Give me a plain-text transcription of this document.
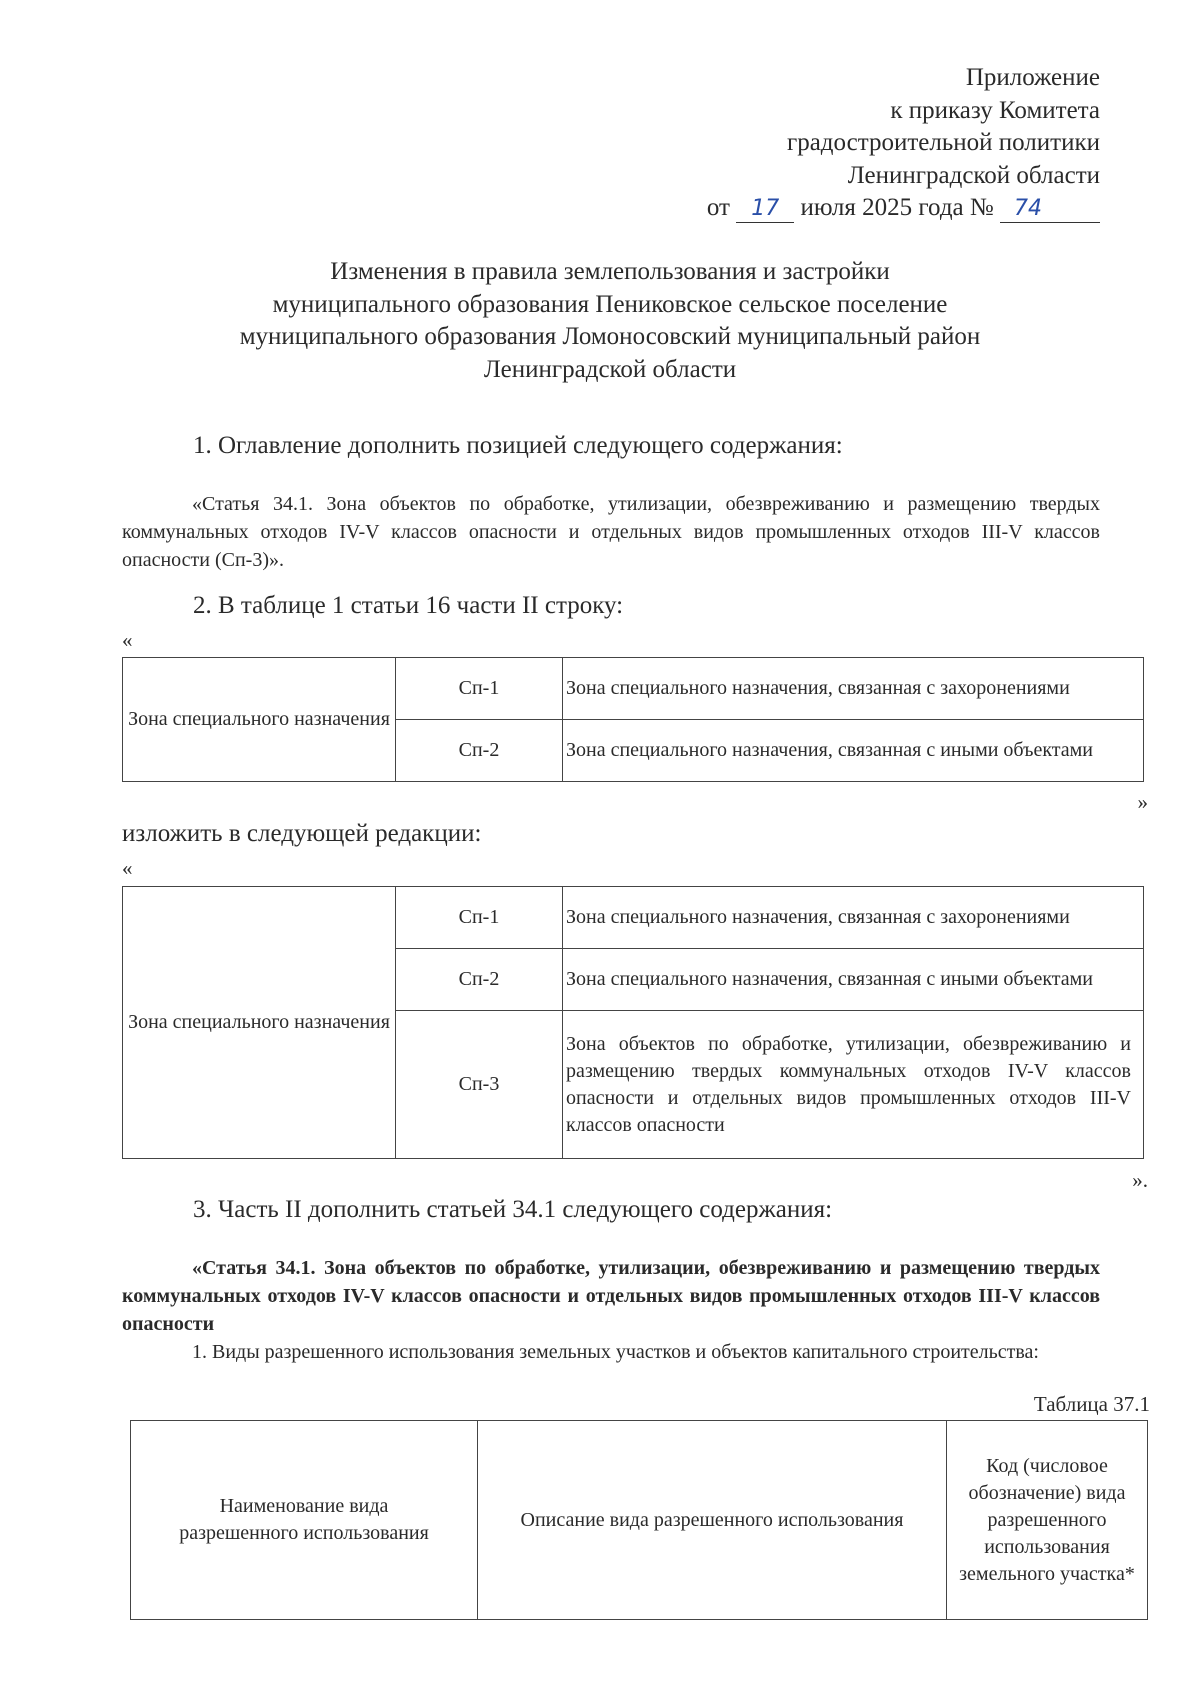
Приложение
к приказу Комитета
градостроительной политики
Ленинградской области
от 17 июля 2025 года № 74
Изменения в правила землепользования и застройки
муниципального образования Пениковское сельское поселение
муниципального образования Ломоносовский муниципальный район
Ленинградской области
1. Оглавление дополнить позицией следующего содержания:
«Статья 34.1. Зона объектов по обработке, утилизации, обезвреживанию и размещению твердых коммунальных отходов IV-V классов опасности и отдельных видов промышленных отходов III-V классов опасности (Сп-3)».
2. В таблице 1 статьи 16 части II строку:
«
Зона специального назначения	Сп-1	Зона специального назначения, связанная с захоронениями
	Сп-2	Зона специального назначения, связанная с иными объектами
»
изложить в следующей редакции:
«
Зона специального назначения	Сп-1	Зона специального назначения, связанная с захоронениями
	Сп-2	Зона специального назначения, связанная с иными объектами
	Сп-3	Зона объектов по обработке, утилизации, обезвреживанию и размещению твердых коммунальных отходов IV-V классов опасности и отдельных видов промышленных отходов III-V классов опасности
».
3. Часть II дополнить статьей 34.1 следующего содержания:
«Статья 34.1. Зона объектов по обработке, утилизации, обезвреживанию и размещению твердых коммунальных отходов IV-V классов опасности и отдельных видов промышленных отходов III-V классов опасности
1. Виды разрешенного использования земельных участков и объектов капитального строительства:
Таблица 37.1
Наименование вида разрешенного использования	Описание вида разрешенного использования	Код (числовое обозначение) вида разрешенного использования земельного участка*
